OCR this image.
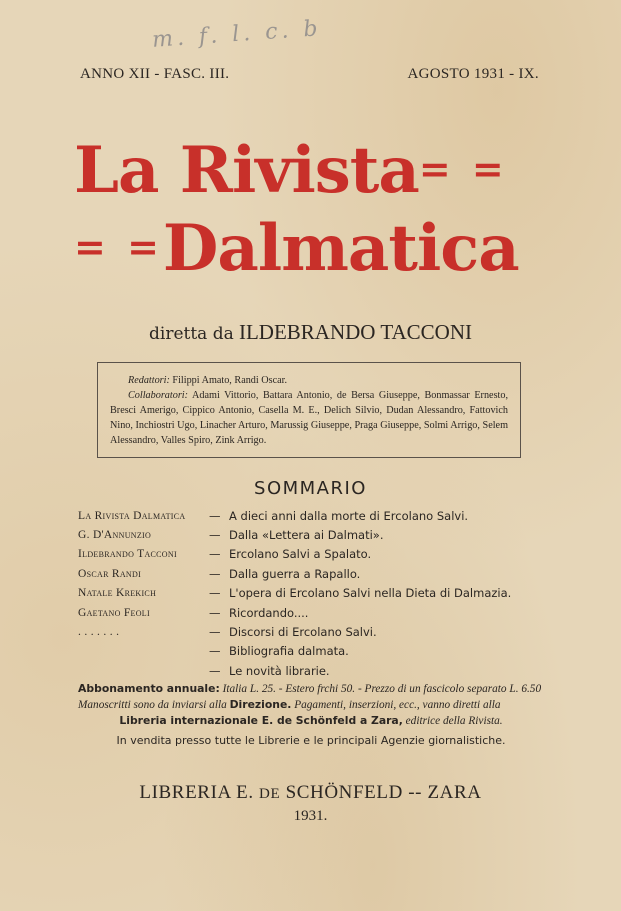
m. f. l. c. b
ANNO XII - FASC. III.	AGOSTO 1931 - IX.
La Rivista= =
= =Dalmatica
diretta da ILDEBRANDO TACCONI

Redattori: Filippi Amato, Randi Oscar.

Collaboratori: Adami Vittorio, Battara Antonio, de Bersa Giuseppe, Bonmassar Ernesto, Bresci Amerigo, Cippico Antonio, Casella M. E., Delich Silvio, Dudan Alessandro, Fattovich Nino, Inchiostri Ugo, Linacher Arturo, Marussig Giuseppe, Praga Giuseppe, Solmi Arrigo, Selem Alessandro, Valles Spiro, Zink Arrigo.

SOMMARIO
La Rivista Dalmatica	— A dieci anni dalla morte di Ercolano Salvi.
G. D'Annunzio	— Dalla «Lettera ai Dalmati».
Ildebrando Tacconi	— Ercolano Salvi a Spalato.
Oscar Randi	— Dalla guerra a Rapallo.
Natale Krekich	— L'opera di Ercolano Salvi nella Dieta di Dalmazia.
Gaetano Feoli	— Ricordando....
. . . . . . .	— Discorsi di Ercolano Salvi.
— Bibliografia dalmata.
— Le novità librarie.
Abbonamento annuale: Italia L. 25. - Estero frchi 50. - Prezzo di un fascicolo separato L. 6.50
Manoscritti sono da inviarsi alla Direzione. Pagamenti, inserzioni, ecc., vanno diretti alla
Libreria internazionale E. de Schönfeld a Zara, editrice della Rivista.
In vendita presso tutte le Librerie e le principali Agenzie giornalistiche.
LIBRERIA E. DE SCHÖNFELD -- ZARA
1931.
